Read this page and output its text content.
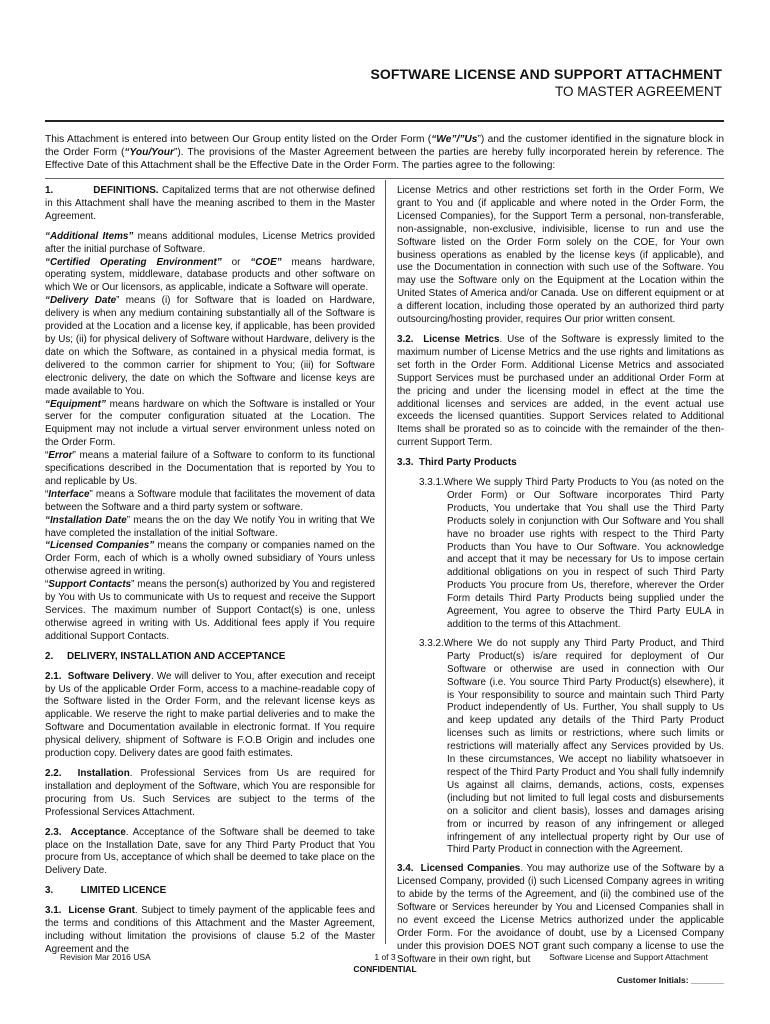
SOFTWARE LICENSE AND SUPPORT ATTACHMENT
TO MASTER AGREEMENT
This Attachment is entered into between Our Group entity listed on the Order Form (“We”/”Us”) and the customer identified in the signature block in the Order Form (“You/Your”). The provisions of the Master Agreement between the parties are hereby fully incorporated herein by reference. The Effective Date of this Attachment shall be the Effective Date in the Order Form. The parties agree to the following:

1.	DEFINITIONS. Capitalized terms that are not otherwise defined in this Attachment shall have the meaning ascribed to them in the Master Agreement.

“Additional Items” means additional modules, License Metrics provided after the initial purchase of Software.

“Certified Operating Environment” or “COE” means hardware, operating system, middleware, database products and other software on which We or Our licensors, as applicable, indicate a Software will operate.

“Delivery Date” means (i) for Software that is loaded on Hardware, delivery is when any medium containing substantially all of the Software is provided at the Location and a license key, if applicable, has been provided by Us; (ii) for physical delivery of Software without Hardware, delivery is the date on which the Software, as contained in a physical media format, is delivered to the common carrier for shipment to You; (iii) for Software electronic delivery, the date on which the Software and license keys are made available to You.

“Equipment” means hardware on which the Software is installed or Your server for the computer configuration situated at the Location. The Equipment may not include a virtual server environment unless noted on the Order Form.

“Error” means a material failure of a Software to conform to its functional specifications described in the Documentation that is reported by You to and replicable by Us.

“Interface” means a Software module that facilitates the movement of data between the Software and a third party system or software.

“Installation Date” means the on the day We notify You in writing that We have completed the installation of the initial Software.

“Licensed Companies” means the company or companies named on the Order Form, each of which is a wholly owned subsidiary of Yours unless otherwise agreed in writing.

“Support Contacts” means the person(s) authorized by You and registered by You with Us to communicate with Us to request and receive the Support Services. The maximum number of Support Contact(s) is one, unless otherwise agreed in writing with Us. Additional fees apply if You require additional Support Contacts.

2.     DELIVERY, INSTALLATION AND ACCEPTANCE

2.1.  Software Delivery. We will deliver to You, after execution and receipt by Us of the applicable Order Form, access to a machine-readable copy of the Software listed in the Order Form, and the relevant license keys as applicable. We reserve the right to make partial deliveries and to make the Software and Documentation available in electronic format. If You require physical delivery, shipment of Software is F.O.B Origin and includes one production copy. Delivery dates are good faith estimates.

2.2.  Installation. Professional Services from Us are required for installation and deployment of the Software, which You are responsible for procuring from Us. Such Services are subject to the terms of the Professional Services Attachment.

2.3.  Acceptance. Acceptance of the Software shall be deemed to take place on the Installation Date, save for any Third Party Product that You procure from Us, acceptance of which shall be deemed to take place on the Delivery Date.

3.          LIMITED LICENCE

3.1.  License Grant. Subject to timely payment of the applicable fees and the terms and conditions of this Attachment and the Master Agreement, including without limitation the provisions of clause 5.2 of the Master Agreement and the

License Metrics and other restrictions set forth in the Order Form, We grant to You and (if applicable and where noted in the Order Form, the Licensed Companies), for the Support Term a personal, non-transferable, non-assignable, non-exclusive, indivisible, license to run and use the Software listed on the Order Form solely on the COE, for Your own business operations as enabled by the license keys (if applicable), and use the Documentation in connection with such use of the Software. You may use the Software only on the Equipment at the Location within the United States of America and/or Canada. Use on different equipment or at a different location, including those operated by an authorized third party outsourcing/hosting provider, requires Our prior written consent.

3.2.  License Metrics. Use of the Software is expressly limited to the maximum number of License Metrics and the use rights and limitations as set forth in the Order Form. Additional License Metrics and associated Support Services must be purchased under an additional Order Form at the pricing and under the licensing model in effect at the time the additional licenses and services are added, in the event actual use exceeds the licensed quantities. Support Services related to Additional Items shall be prorated so as to coincide with the remainder of the then-current Support Term.

3.3.  Third Party Products

3.3.1.Where We supply Third Party Products to You (as noted on the Order Form) or Our Software incorporates Third Party Products, You undertake that You shall use the Third Party Products solely in conjunction with Our Software and You shall have no broader use rights with respect to the Third Party Products than You have to Our Software. You acknowledge and accept that it may be necessary for Us to impose certain additional obligations on you in respect of such Third Party Products You procure from Us, therefore, wherever the Order Form details Third Party Products being supplied under the Agreement, You agree to observe the Third Party EULA in addition to the terms of this Attachment.

3.3.2.Where We do not supply any Third Party Product, and Third Party Product(s) is/are required for deployment of Our Software or otherwise are used in connection with Our Software (i.e. You source Third Party Product(s) elsewhere), it is Your responsibility to source and maintain such Third Party Product independently of Us. Further, You shall supply to Us and keep updated any details of the Third Party Product licenses such as limits or restrictions, where such limits or restrictions will materially affect any Services provided by Us. In these circumstances, We accept no liability whatsoever in respect of the Third Party Product and You shall fully indemnify Us against all claims, demands, actions, costs, expenses (including but not limited to full legal costs and disbursements on a solicitor and client basis), losses and damages arising from or incurred by reason of any infringement or alleged infringement of any intellectual property right by Our use of Third Party Product in connection with the Agreement.

3.4.  Licensed Companies. You may authorize use of the Software by a Licensed Company, provided (i) such Licensed Company agrees in writing to abide by the terms of the Agreement, and (ii) the combined use of the Software or Services hereunder by You and Licensed Companies shall in no event exceed the License Metrics authorized under the applicable Order Form. For the avoidance of doubt, use by a Licensed Company under this provision DOES NOT grant such company a license to use the Software in their own right, but

Revision Mar 2016 USA	1 of 3
CONFIDENTIAL
Software License and Support Attachment
Customer Initials: _______
